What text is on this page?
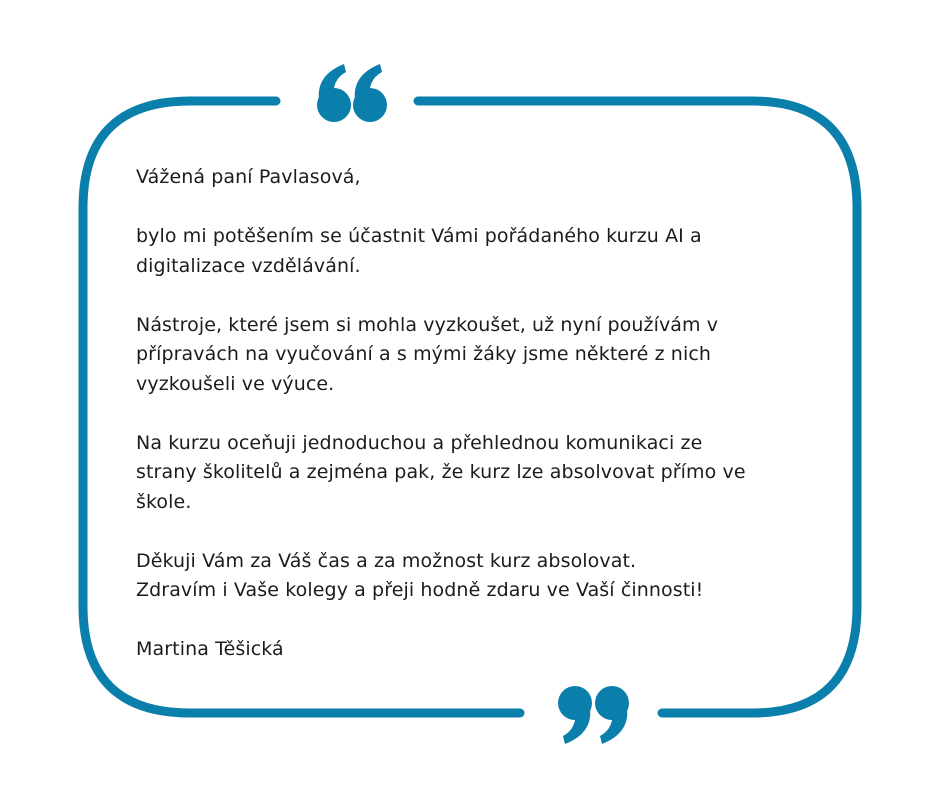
Vážená paní Pavlasová,

bylo mi potěšením se účastnit Vámi pořádaného kurzu AI a
digitalizace vzdělávání.

Nástroje, které jsem si mohla vyzkoušet, už nyní používám v
přípravách na vyučování a s mými žáky jsme některé z nich
vyzkoušeli ve výuce.

Na kurzu oceňuji jednoduchou a přehlednou komunikaci ze
strany školitelů a zejména pak, že kurz lze absolvovat přímo ve
škole.

Děkuji Vám za Váš čas a za možnost kurz absolovat.
Zdravím i Vaše kolegy a přeji hodně zdaru ve Vaší činnosti!

Martina Těšická
